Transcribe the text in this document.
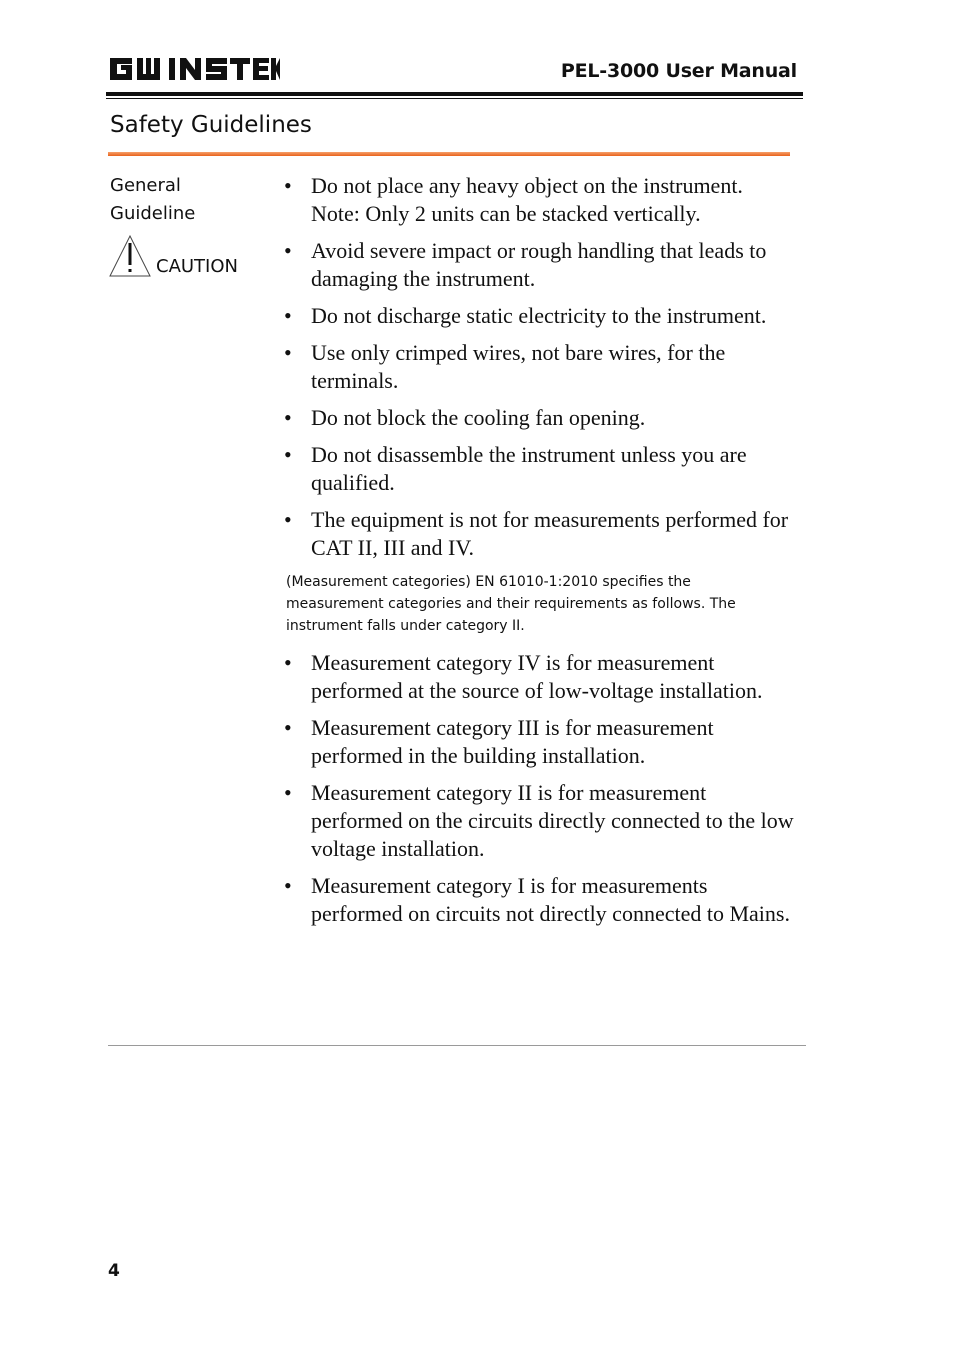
PEL-3000 User Manual
Safety Guidelines
General
Guideline
CAUTION
• Do not place any heavy object on the instrument. Note: Only 2 units can be stacked vertically.
• Avoid severe impact or rough handling that leads to damaging the instrument.
• Do not discharge static electricity to the instrument.
• Use only crimped wires, not bare wires, for the terminals.
• Do not block the cooling fan opening.
• Do not disassemble the instrument unless you are qualified.
• The equipment is not for measurements performed for CAT II, III and IV.
(Measurement categories) EN 61010-1:2010 specifies the measurement categories and their requirements as follows. The instrument falls under category II.
• Measurement category IV is for measurement performed at the source of low-voltage installation.
• Measurement category III is for measurement performed in the building installation.
• Measurement category II is for measurement performed on the circuits directly connected to the low voltage installation.
• Measurement category I is for measurements performed on circuits not directly connected to Mains.
4
